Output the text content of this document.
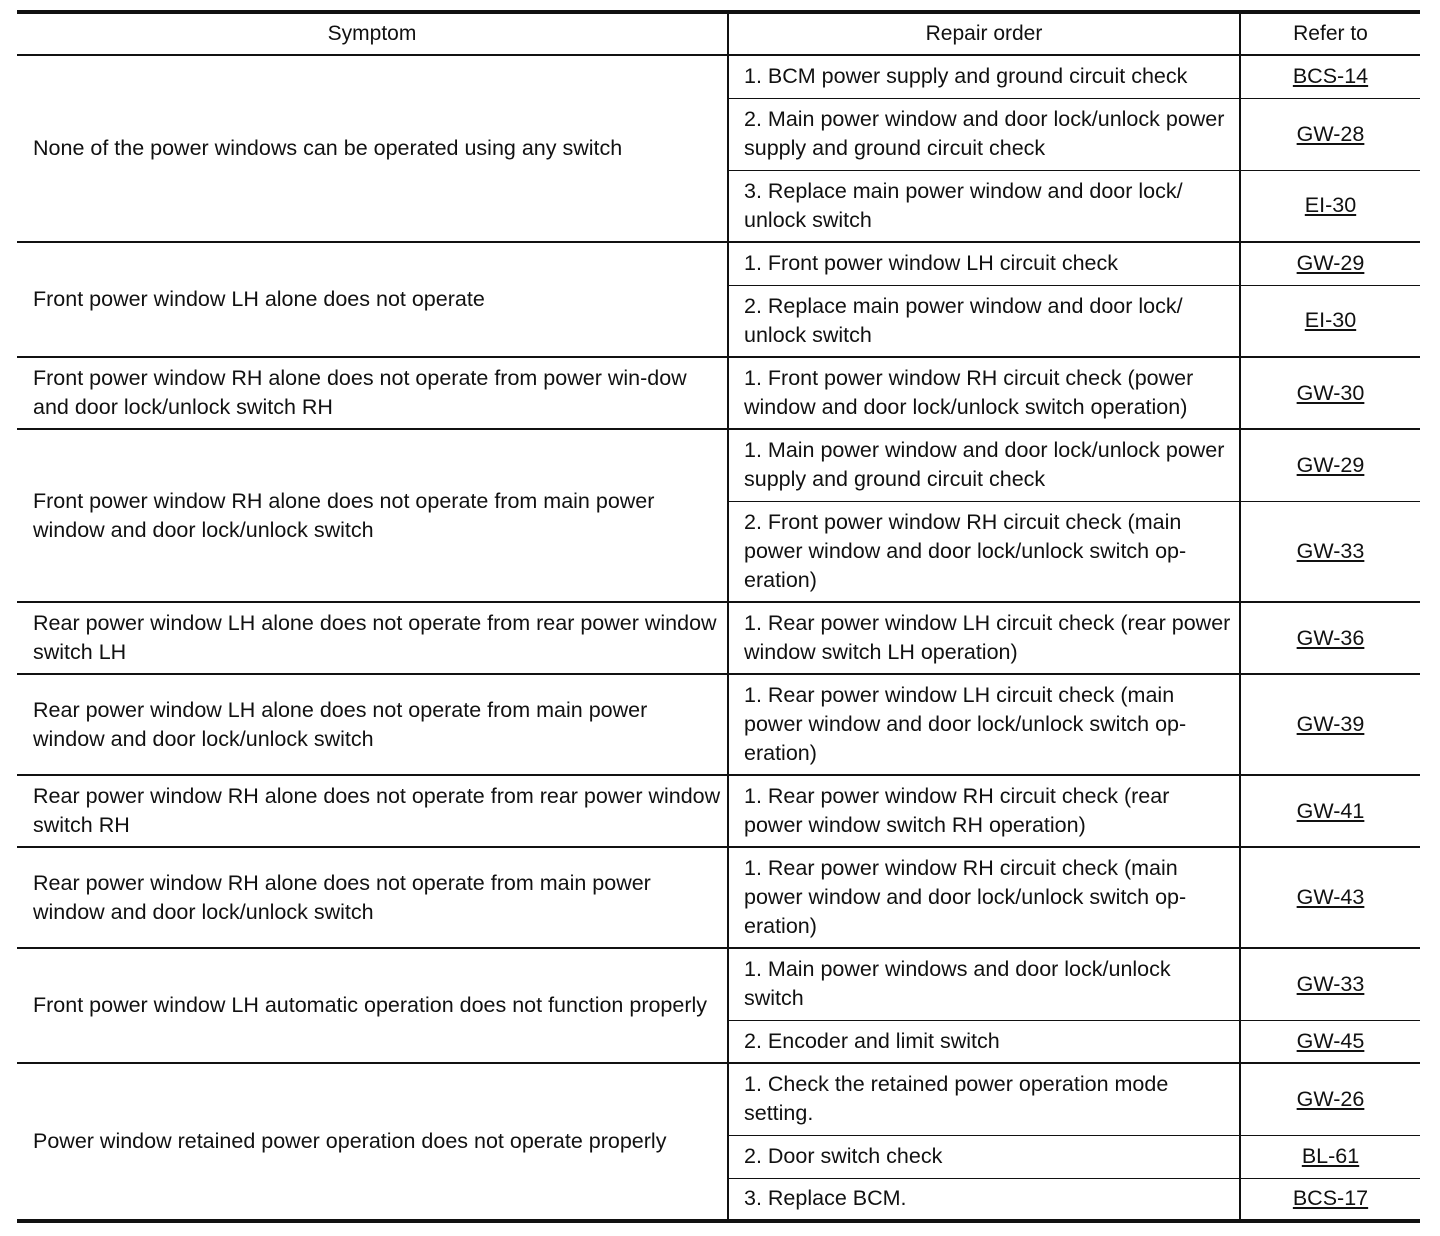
Symptom	Repair order	Refer to
None of the power windows can be operated using any switch	1. BCM power supply and ground circuit check	BCS-14
	2. Main power window and door lock/unlock power supply and ground circuit check	GW-28
	3. Replace main power window and door lock/ unlock switch	EI-30
Front power window LH alone does not operate	1. Front power window LH circuit check	GW-29
	2. Replace main power window and door lock/ unlock switch	EI-30
Front power window RH alone does not operate from power win-dow and door lock/unlock switch RH	1. Front power window RH circuit check (power window and door lock/unlock switch operation)	GW-30
Front power window RH alone does not operate from main power window and door lock/unlock switch	1. Main power window and door lock/unlock power supply and ground circuit check	GW-29
	2. Front power window RH circuit check (main power window and door lock/unlock switch op-eration)	GW-33
Rear power window LH alone does not operate from rear power window switch LH	1. Rear power window LH circuit check (rear power window switch LH operation)	GW-36
Rear power window LH alone does not operate from main power window and door lock/unlock switch	1. Rear power window LH circuit check (main power window and door lock/unlock switch op-eration)	GW-39
Rear power window RH alone does not operate from rear power window switch RH	1. Rear power window RH circuit check (rear power window switch RH operation)	GW-41
Rear power window RH alone does not operate from main power window and door lock/unlock switch	1. Rear power window RH circuit check (main power window and door lock/unlock switch op-eration)	GW-43
Front power window LH automatic operation does not function properly	1. Main power windows and door lock/unlock switch	GW-33
	2. Encoder and limit switch	GW-45
Power window retained power operation does not operate properly	1. Check the retained power operation mode setting.	GW-26
	2. Door switch check	BL-61
	3. Replace BCM.	BCS-17
